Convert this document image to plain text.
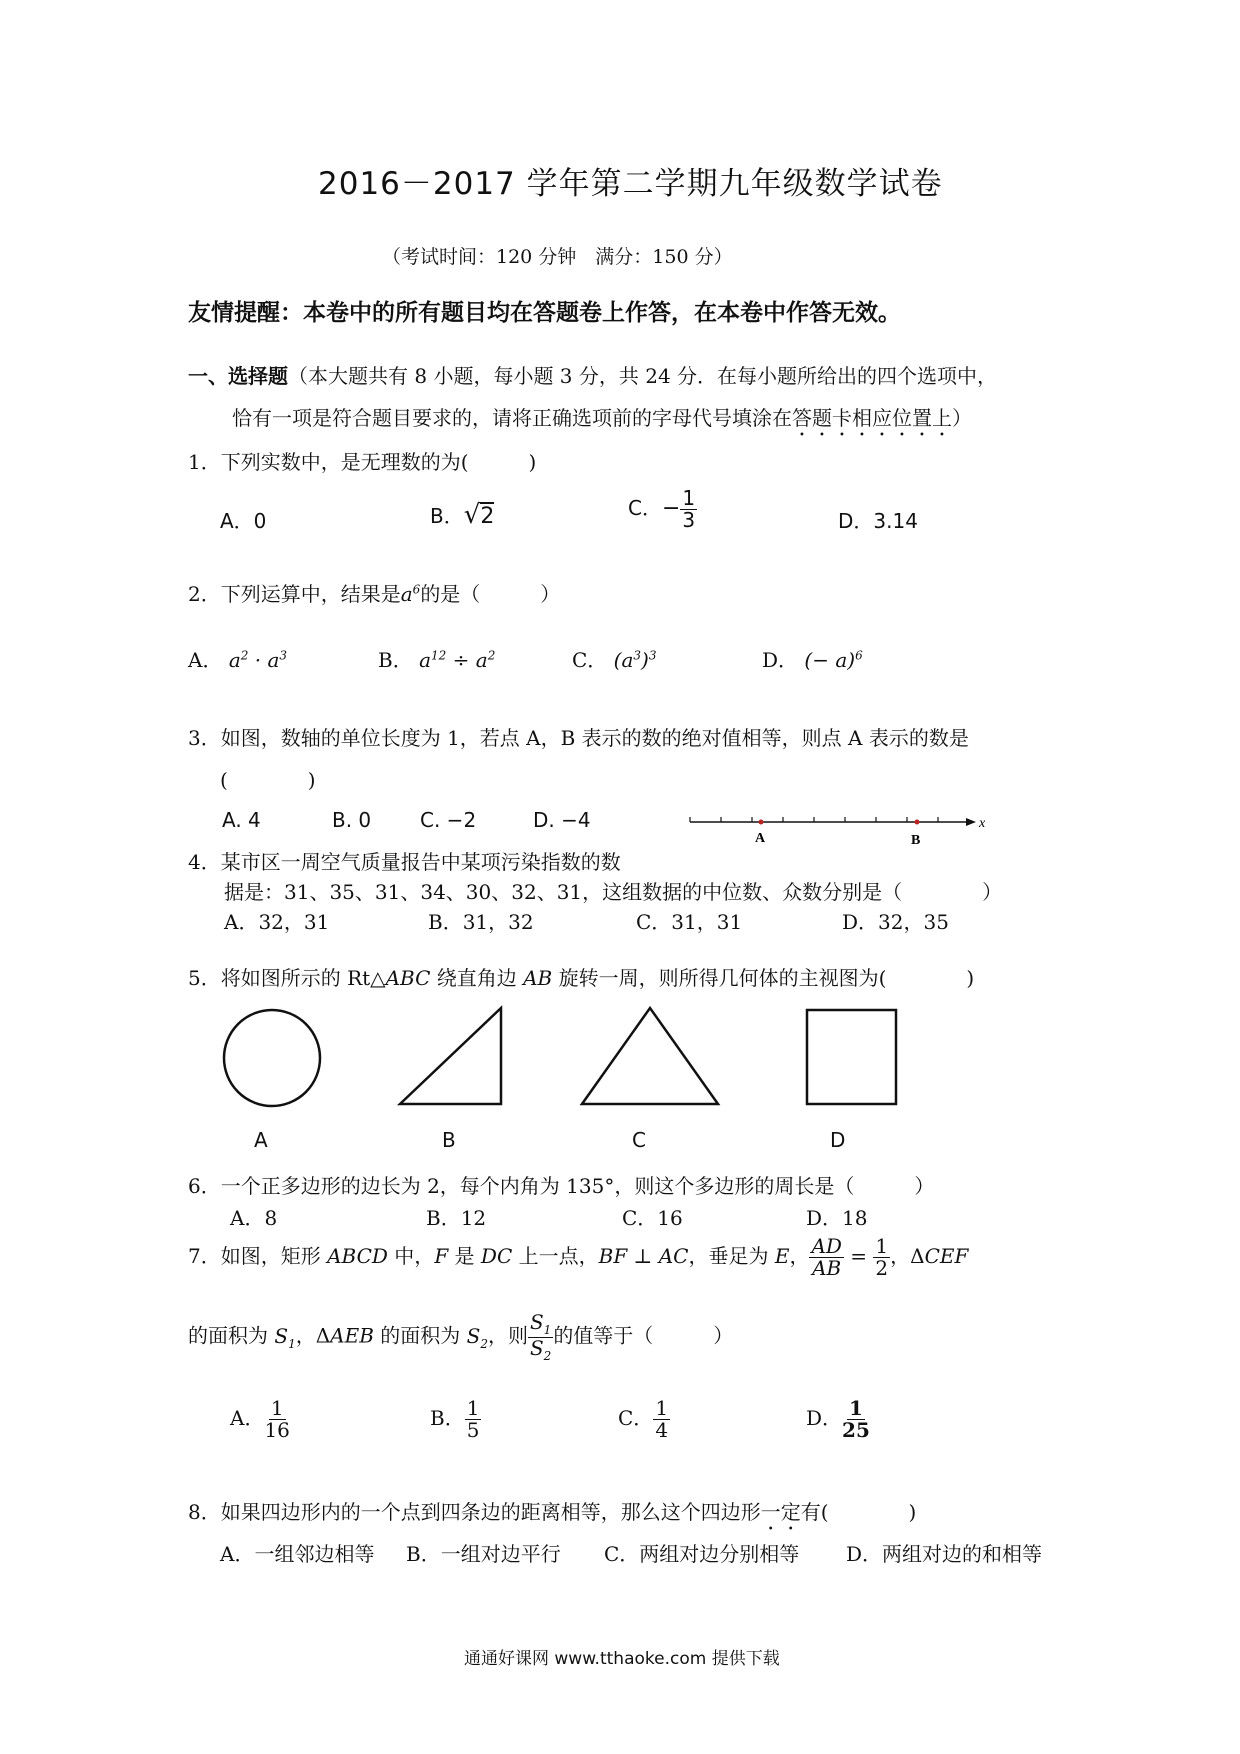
2016－2017 学年第二学期九年级数学试卷
（考试时间：120 分钟　满分：150 分）
友情提醒：本卷中的所有题目均在答题卷上作答，在本卷中作答无效。
一、选择题（本大题共有 8 小题，每小题 3 分，共 24 分．在每小题所给出的四个选项中，
恰有一项是符合题目要求的，请将正确选项前的字母代号填涂在答题卡相应位置上）
1．下列实数中，是无理数的为(　　　)
A．0	B．√2	C．− $\frac{1}{3}$	D．3.14
2．下列运算中，结果是$a^6$的是（　　　）
A． $a^2 \cdot a^3$	B． $a^{12} \div a^2$	C． $(a^3)^3$	D． (− a)$^6$
3．如图，数轴的单位长度为 1，若点 A，B 表示的数的绝对值相等，则点 A 表示的数是
(　　　　)
A. 4	B. 0 C. −2	D. −4
A	B
x
4．某市区一周空气质量报告中某项污染指数的数
据是：31、35、31、34、30、32、31，这组数据的中位数、众数分别是（　　　　）
A．32，31	B．31，32	C．31，31	D．32，35
5．将如图所示的 Rt△ABC 绕直角边 AB 旋转一周，则所得几何体的主视图为(　　　　)
A	B	C	D
6．一个正多边形的边长为 2，每个内角为 135°，则这个多边形的周长是（　　　）
A．8	B．12	C．16	D．18
7．如图，矩形 ABCD 中，F 是 DC 上一点，BF ⊥ AC，垂足为 E， $\frac{AD}{AB} = \frac{1}{2}$ ，ΔCEF
的面积为 $S_1$，ΔAEB 的面积为 $S_2$，则 $\frac{S_1}{S_2}$ 的值等于（　　　）
A． $\frac{1}{16}$	B． $\frac{1}{5}$	C． $\frac{1}{4}$	D． $\frac{1}{25}$
8．如果四边形内的一个点到四条边的距离相等，那么这个四边形一定有(　　　　)
A．一组邻边相等 B．一组对边平行 C．两组对边分别相等 D．两组对边的和相等
通通好课网 www.tthaoke.com 提供下载
